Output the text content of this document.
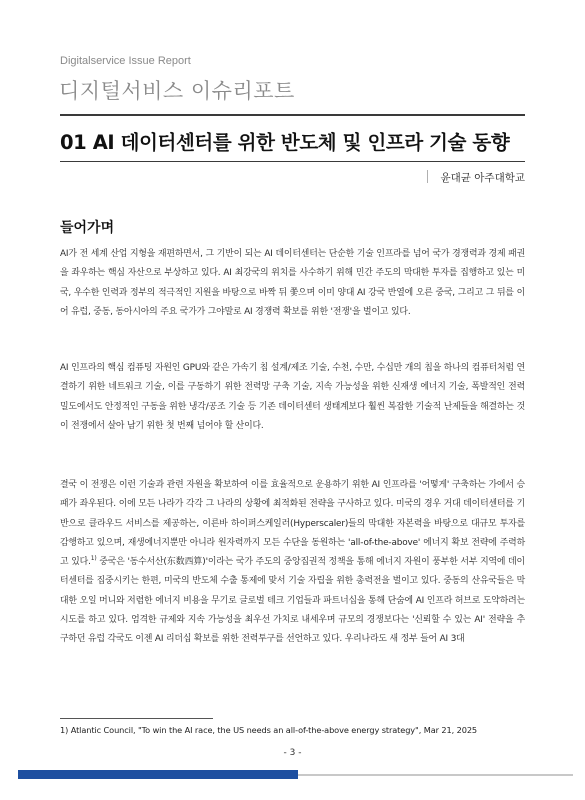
Digitalservice Issue Report
디지털서비스 이슈리포트
01 AI 데이터센터를 위한 반도체 및 인프라 기술 동향
윤대균 아주대학교
들어가며

AI가 전 세계 산업 지형을 재편하면서, 그 기반이 되는 AI 데이터센터는 단순한 기술 인프라를 넘어 국가 경쟁력과 경제 패권을 좌우하는 핵심 자산으로 부상하고 있다. AI 최강국의 위치를 사수하기 위해 민간 주도의 막대한 투자를 집행하고 있는 미국, 우수한 인력과 정부의 적극적인 지원을 바탕으로 바짝 뒤 쫓으며 이미 양대 AI 강국 반열에 오른 중국, 그리고 그 뒤를 이어 유럽, 중동, 동아시아의 주요 국가가 그야말로 AI 경쟁력 확보를 위한 '전쟁'을 벌이고 있다.

AI 인프라의 핵심 컴퓨팅 자원인 GPU와 같은 가속기 칩 설계/제조 기술, 수천, 수만, 수십만 개의 칩을 하나의 컴퓨터처럼 연결하기 위한 네트워크 기술, 이를 구동하기 위한 전력망 구축 기술, 지속 가능성을 위한 신재생 에너지 기술, 폭발적인 전력 밀도에서도 안정적인 구동을 위한 냉각/공조 기술 등 기존 데이터센터 생태계보다 훨씬 복잡한 기술적 난제들을 해결하는 것이 전쟁에서 살아 남기 위한 첫 번째 넘어야 할 산이다.

결국 이 전쟁은 이런 기술과 관련 자원을 확보하여 이를 효율적으로 운용하기 위한 AI 인프라를 '어떻게' 구축하는 가에서 승패가 좌우된다. 이에 모든 나라가 각각 그 나라의 상황에 최적화된 전략을 구사하고 있다. 미국의 경우 거대 데이터센터를 기반으로 클라우드 서비스를 제공하는, 이른바 하이퍼스케일러(Hyperscaler)들의 막대한 자본력을 바탕으로 대규모 투자를 감행하고 있으며, 재생에너지뿐만 아니라 원자력까지 모든 수단을 동원하는 'all-of-the-above' 에너지 확보 전략에 주력하고 있다.$^{1)}$ 중국은 '동수서산(东数西算)'이라는 국가 주도의 중앙집권적 정책을 통해 에너지 자원이 풍부한 서부 지역에 데이터센터를 집중시키는 한편, 미국의 반도체 수출 통제에 맞서 기술 자립을 위한 총력전을 벌이고 있다. 중동의 산유국들은 막대한 오일 머니와 저렴한 에너지 비용을 무기로 글로벌 테크 기업들과 파트너십을 통해 단숨에 AI 인프라 허브로 도약하려는 시도를 하고 있다. 엄격한 규제와 지속 가능성을 최우선 가치로 내세우며 규모의 경쟁보다는 '신뢰할 수 있는 AI' 전략을 추구하던 유럽 각국도 이젠 AI 리더십 확보를 위한 전력투구를 선언하고 있다. 우리나라도 새 정부 들어 AI 3대

1) Atlantic Council, "To win the AI race, the US needs an all-of-the-above energy strategy", Mar 21, 2025
- 3 -
